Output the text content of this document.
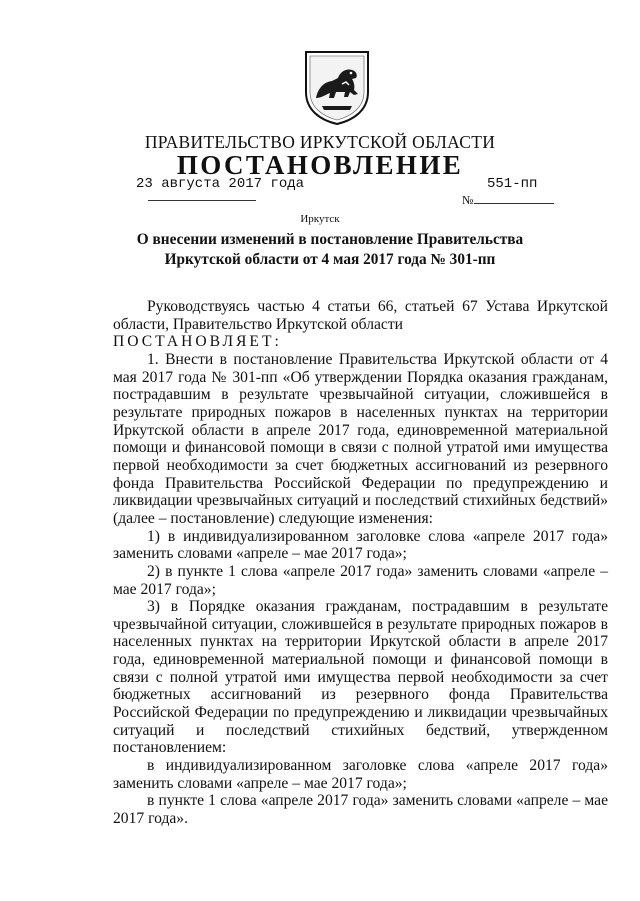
ПРАВИТЕЛЬСТВО ИРКУТСКОЙ ОБЛАСТИ
ПОСТАНОВЛЕНИЕ
23 августа 2017 года
№
551-пп
Иркутск
О внесении изменений в постановление Правительства Иркутской области от 4 мая 2017 года № 301-пп

Руководствуясь частью 4 статьи 66, статьей 67 Устава Иркутской области, Правительство Иркутской области

ПОСТАНОВЛЯЕТ:

1. Внести в постановление Правительства Иркутской области от 4 мая 2017 года № 301-пп «Об утверждении Порядка оказания гражданам, пострадавшим в результате чрезвычайной ситуации, сложившейся в результате природных пожаров в населенных пунктах на территории Иркутской области в апреле 2017 года, единовременной материальной помощи и финансовой помощи в связи с полной утратой ими имущества первой необходимости за счет бюджетных ассигнований из резервного фонда Правительства Российской Федерации по предупреждению и ликвидации чрезвычайных ситуаций и последствий стихийных бедствий» (далее – постановление) следующие изменения:

1) в индивидуализированном заголовке слова «апреле 2017 года» заменить словами «апреле – мае 2017 года»;

2) в пункте 1 слова «апреле 2017 года» заменить словами «апреле – мае 2017 года»;

3) в Порядке оказания гражданам, пострадавшим в результате чрезвычайной ситуации, сложившейся в результате природных пожаров в населенных пунктах на территории Иркутской области в апреле 2017 года, единовременной материальной помощи и финансовой помощи в связи с полной утратой ими имущества первой необходимости за счет бюджетных ассигнований из резервного фонда Правительства Российской Федерации по предупреждению и ликвидации чрезвычайных ситуаций и последствий стихийных бедствий, утвержденном постановлением:

в индивидуализированном заголовке слова «апреле 2017 года» заменить словами «апреле – мае 2017 года»;

в пункте 1 слова «апреле 2017 года» заменить словами «апреле – мае 2017 года».
